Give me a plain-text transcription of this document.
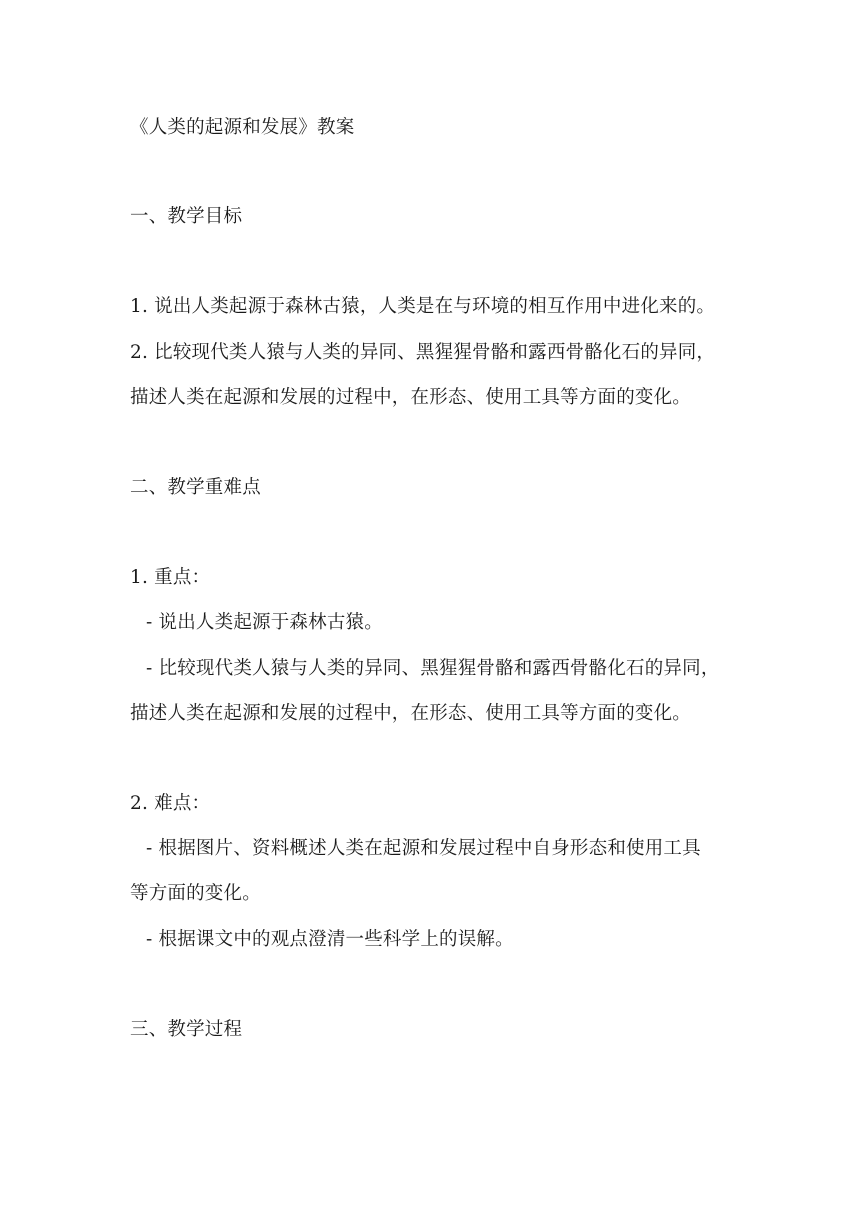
《人类的起源和发展》教案
一、教学目标
1. 说出人类起源于森林古猿，人类是在与环境的相互作用中进化来的。
2. 比较现代类人猿与人类的异同、黑猩猩骨骼和露西骨骼化石的异同，
描述人类在起源和发展的过程中，在形态、使用工具等方面的变化。
二、教学重难点
1. 重点：
- 说出人类起源于森林古猿。
- 比较现代类人猿与人类的异同、黑猩猩骨骼和露西骨骼化石的异同，
描述人类在起源和发展的过程中，在形态、使用工具等方面的变化。
2. 难点：
- 根据图片、资料概述人类在起源和发展过程中自身形态和使用工具
等方面的变化。
- 根据课文中的观点澄清一些科学上的误解。
三、教学过程
